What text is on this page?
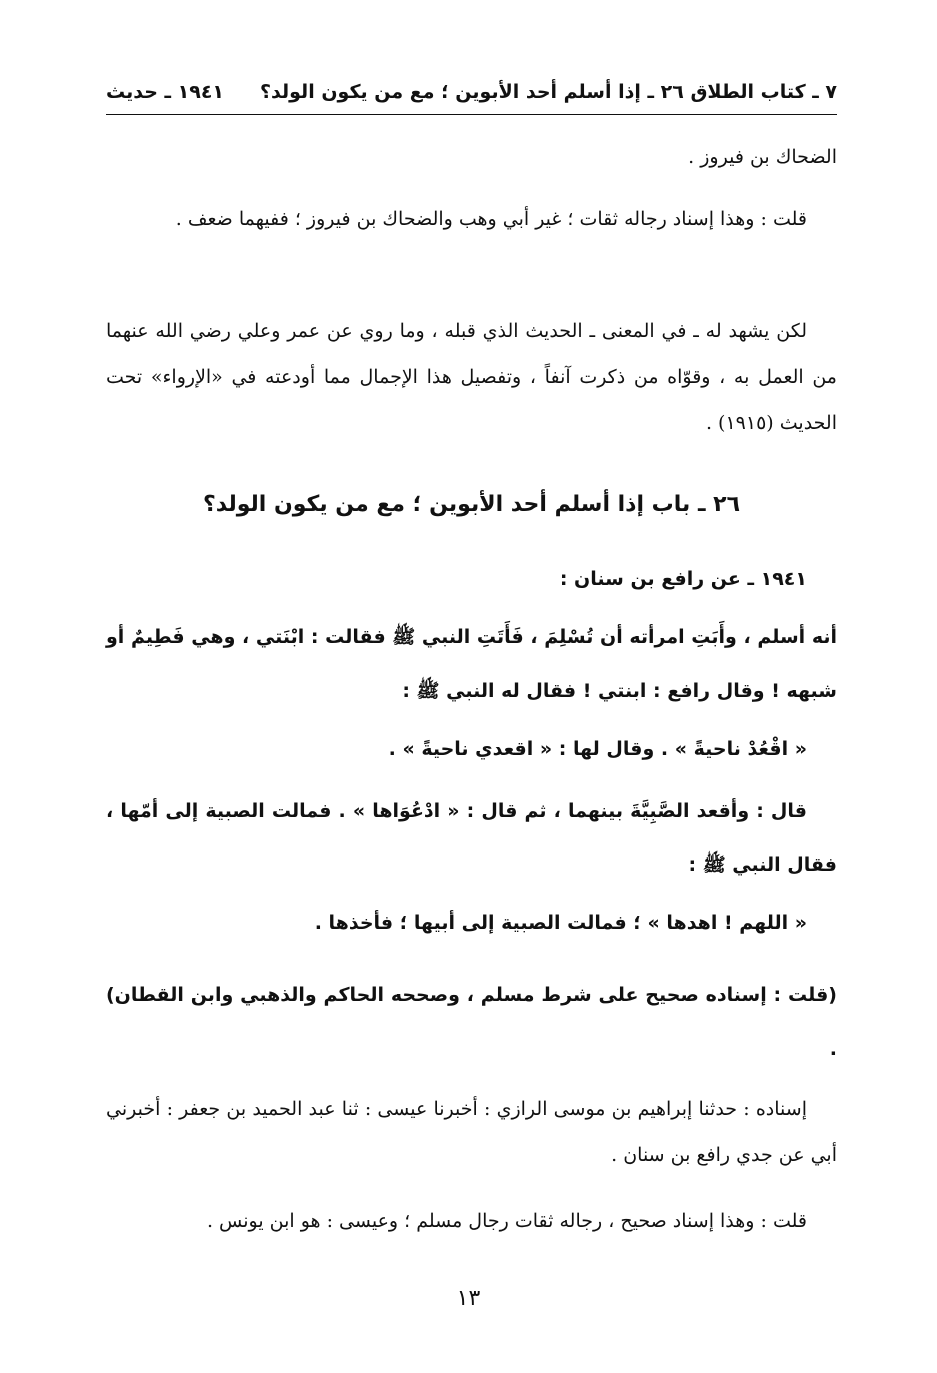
٧ ـ كتاب الطلاق ٢٦ ـ إذا أسلم أحد الأبوين ؛ مع من يكون الولد؟
١٩٤١ ـ حديث

الضحاك بن فيروز .

قلت : وهذا إسناد رجاله ثقات ؛ غير أبي وهب والضحاك بن فيروز ؛ ففيهما ضعف .

لكن يشهد له ـ في المعنى ـ الحديث الذي قبله ، وما روي عن عمر وعلي رضي الله عنهما من العمل به ، وقوّاه من ذكرت آنفاً ، وتفصيل هذا الإجمال مما أودعته في «الإرواء» تحت الحديث (١٩١٥) .

٢٦ ـ باب إذا أسلم أحد الأبوين ؛ مع من يكون الولد؟

١٩٤١ ـ عن رافع بن سنان :

أنه أسلم ، وأَبَتِ امرأته أن تُسْلِمَ ، فَأَتَتِ النبي ﷺ فقالت : ابْنَتي ، وهي فَطِيمٌ أو شبهه ! وقال رافع : ابنتي ! فقال له النبي ﷺ :

« اقْعُدْ ناحيةً » . وقال لها : « اقعدي ناحيةً » .

قال : وأقعد الصَّبِيَّةَ بينهما ، ثم قال : « ادْعُوَاها » . فمالت الصبية إلى أمّها ، فقال النبي ﷺ :

« اللهم ! اهدها » ؛ فمالت الصبية إلى أبيها ؛ فأخذها .

(قلت : إسناده صحيح على شرط مسلم ، وصححه الحاكم والذهبي وابن القطان) .

إسناده : حدثنا إبراهيم بن موسى الرازي : أخبرنا عيسى : ثنا عبد الحميد بن جعفر : أخبرني أبي عن جدي رافع بن سنان .

قلت : وهذا إسناد صحيح ، رجاله ثقات رجال مسلم ؛ وعيسى : هو ابن يونس .

١٣
